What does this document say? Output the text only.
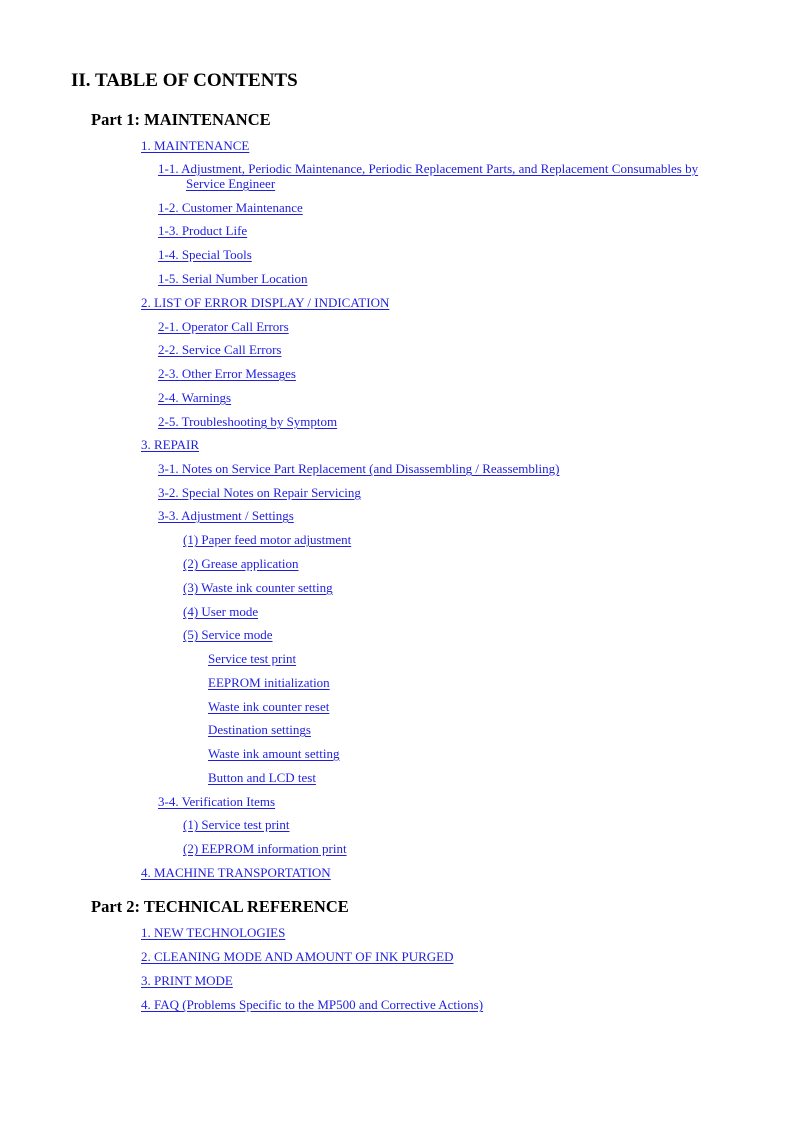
II. TABLE OF CONTENTS
Part 1: MAINTENANCE
1. MAINTENANCE
1-1. Adjustment, Periodic Maintenance, Periodic Replacement Parts, and Replacement Consumables by
Service Engineer
1-2. Customer Maintenance
1-3. Product Life
1-4. Special Tools
1-5. Serial Number Location
2. LIST OF ERROR DISPLAY / INDICATION
2-1. Operator Call Errors
2-2. Service Call Errors
2-3. Other Error Messages
2-4. Warnings
2-5. Troubleshooting by Symptom
3. REPAIR
3-1. Notes on Service Part Replacement (and Disassembling / Reassembling)
3-2. Special Notes on Repair Servicing
3-3. Adjustment / Settings
(1) Paper feed motor adjustment
(2) Grease application
(3) Waste ink counter setting
(4) User mode
(5) Service mode
Service test print
EEPROM initialization
Waste ink counter reset
Destination settings
Waste ink amount setting
Button and LCD test
3-4. Verification Items
(1) Service test print
(2) EEPROM information print
4. MACHINE TRANSPORTATION
Part 2: TECHNICAL REFERENCE
1. NEW TECHNOLOGIES
2. CLEANING MODE AND AMOUNT OF INK PURGED
3. PRINT MODE
4. FAQ (Problems Specific to the MP500 and Corrective Actions)
